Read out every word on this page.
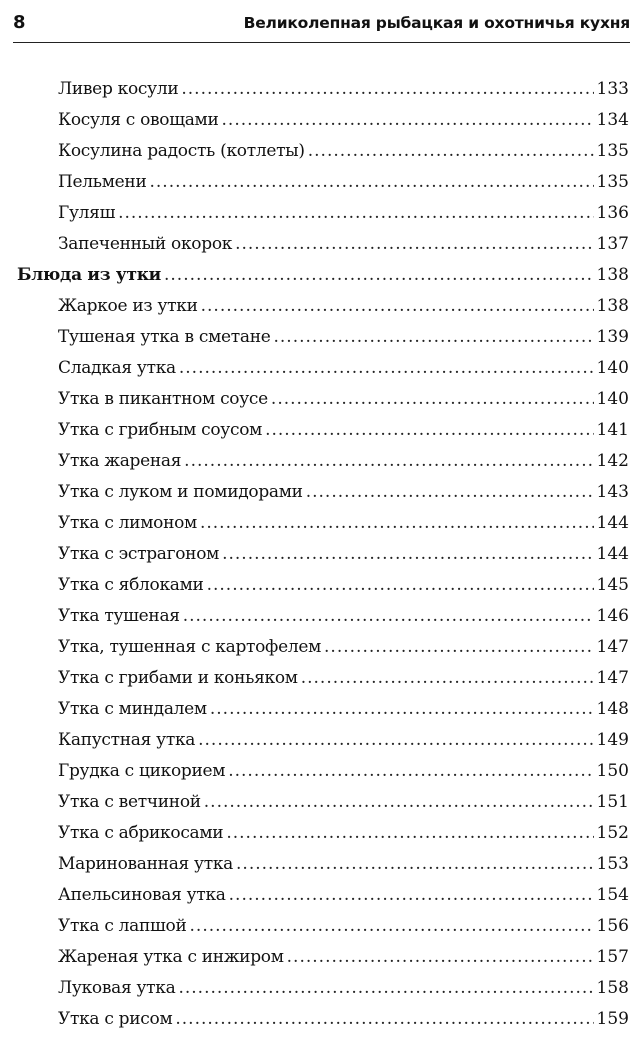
8	Великолепная рыбацкая и охотничья кухня
Ливер косули .....	133
Косуля с овощами .....	134
Косулина радость (котлеты) .....	135
Пельмени .....	135
Гуляш .....	136
Запеченный окорок .....	137
Блюда из утки .....	138
Жаркое из утки .....	138
Тушеная утка в сметане .....	139
Сладкая утка .....	140
Утка в пикантном соусе .....	140
Утка с грибным соусом .....	141
Утка жареная .....	142
Утка с луком и помидорами .....	143
Утка с лимоном .....	144
Утка с эстрагоном .....	144
Утка с яблоками .....	145
Утка тушеная .....	146
Утка, тушенная с картофелем .....	147
Утка с грибами и коньяком .....	147
Утка с миндалем .....	148
Капустная утка .....	149
Грудка с цикорием .....	150
Утка с ветчиной .....	151
Утка с абрикосами .....	152
Маринованная утка .....	153
Апельсиновая утка .....	154
Утка с лапшой .....	156
Жареная утка с инжиром .....	157
Луковая утка .....	158
Утка с рисом .....	159
